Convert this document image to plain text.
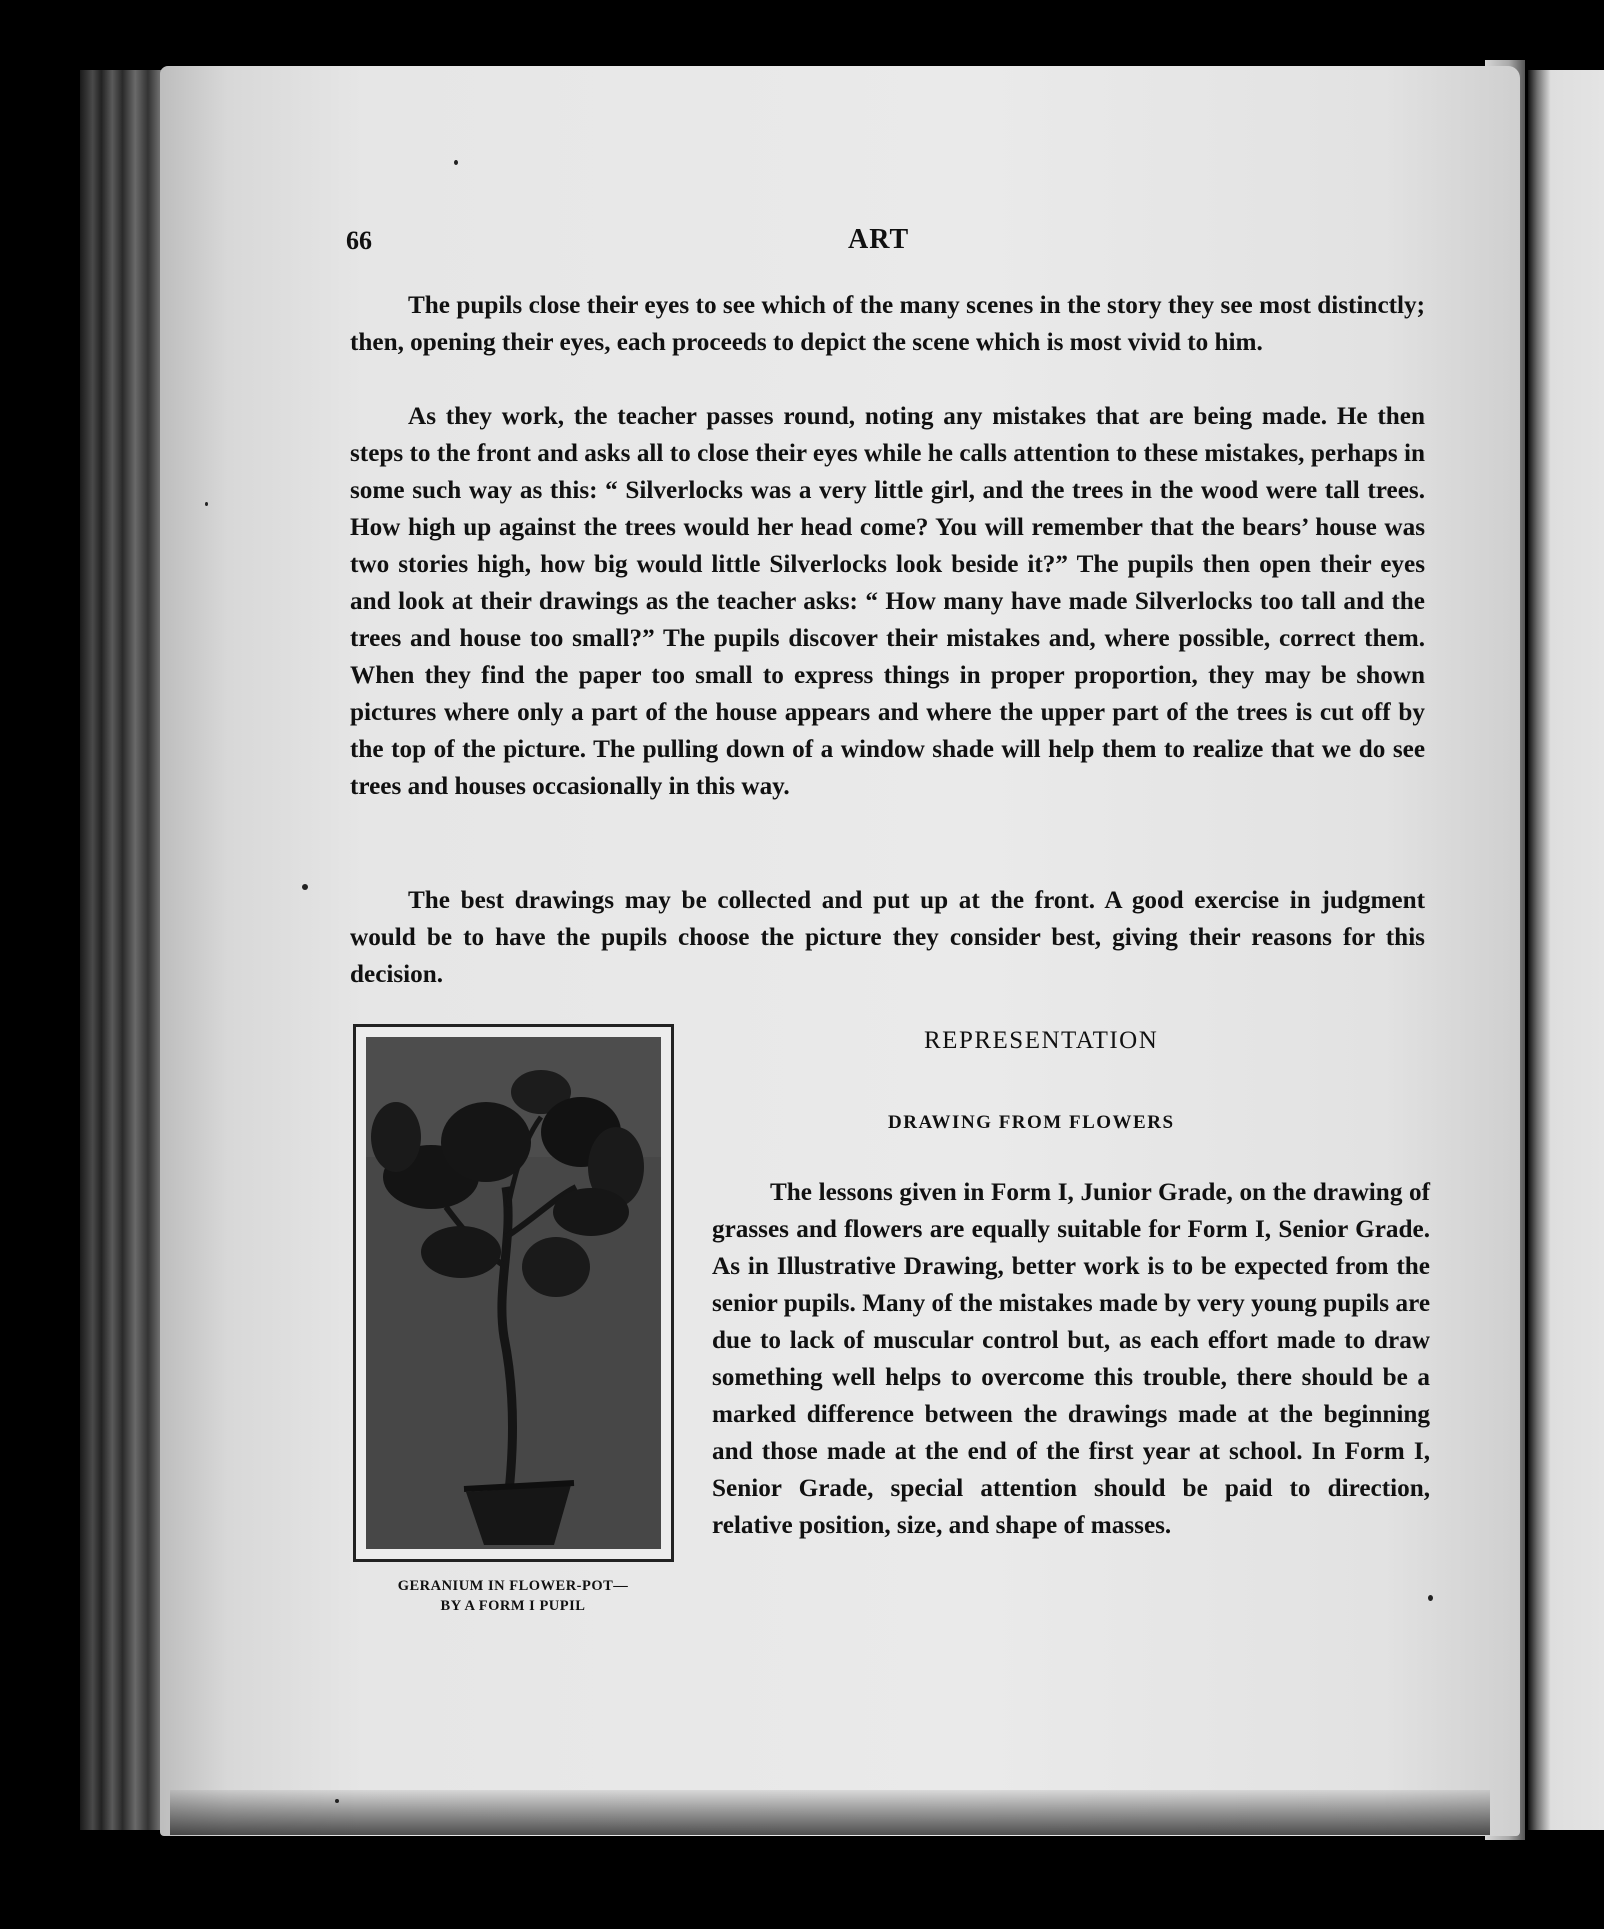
66	ART

The pupils close their eyes to see which of the many scenes in the story they see most distinctly; then, opening their eyes, each proceeds to depict the scene which is most vivid to him.

As they work, the teacher passes round, noting any mistakes that are being made. He then steps to the front and asks all to close their eyes while he calls attention to these mistakes, perhaps in some such way as this: “ Silverlocks was a very little girl, and the trees in the wood were tall trees. How high up against the trees would her head come? You will remember that the bears’ house was two stories high, how big would little Silverlocks look beside it?” The pupils then open their eyes and look at their drawings as the teacher asks: “ How many have made Silverlocks too tall and the trees and house too small?” The pupils discover their mistakes and, where possible, correct them. When they find the paper too small to express things in proper proportion, they may be shown pictures where only a part of the house appears and where the upper part of the trees is cut off by the top of the picture. The pulling down of a window shade will help them to realize that we do see trees and houses occasionally in this way.

The best drawings may be collected and put up at the front. A good exercise in judgment would be to have the pupils choose the picture they consider best, giving their reasons for this decision.

GERANIUM IN FLOWER-POT—
BY A FORM I PUPIL
REPRESENTATION
DRAWING FROM FLOWERS

The lessons given in Form I, Junior Grade, on the drawing of grasses and flowers are equally suitable for Form I, Senior Grade. As in Illustrative Drawing, better work is to be expected from the senior pupils. Many of the mistakes made by very young pupils are due to lack of muscular control but, as each effort made to draw something well helps to overcome this trouble, there should be a marked difference between the drawings made at the beginning and those made at the end of the first year at school. In Form I, Senior Grade, special attention should be paid to direction, relative position, size, and shape of masses.
